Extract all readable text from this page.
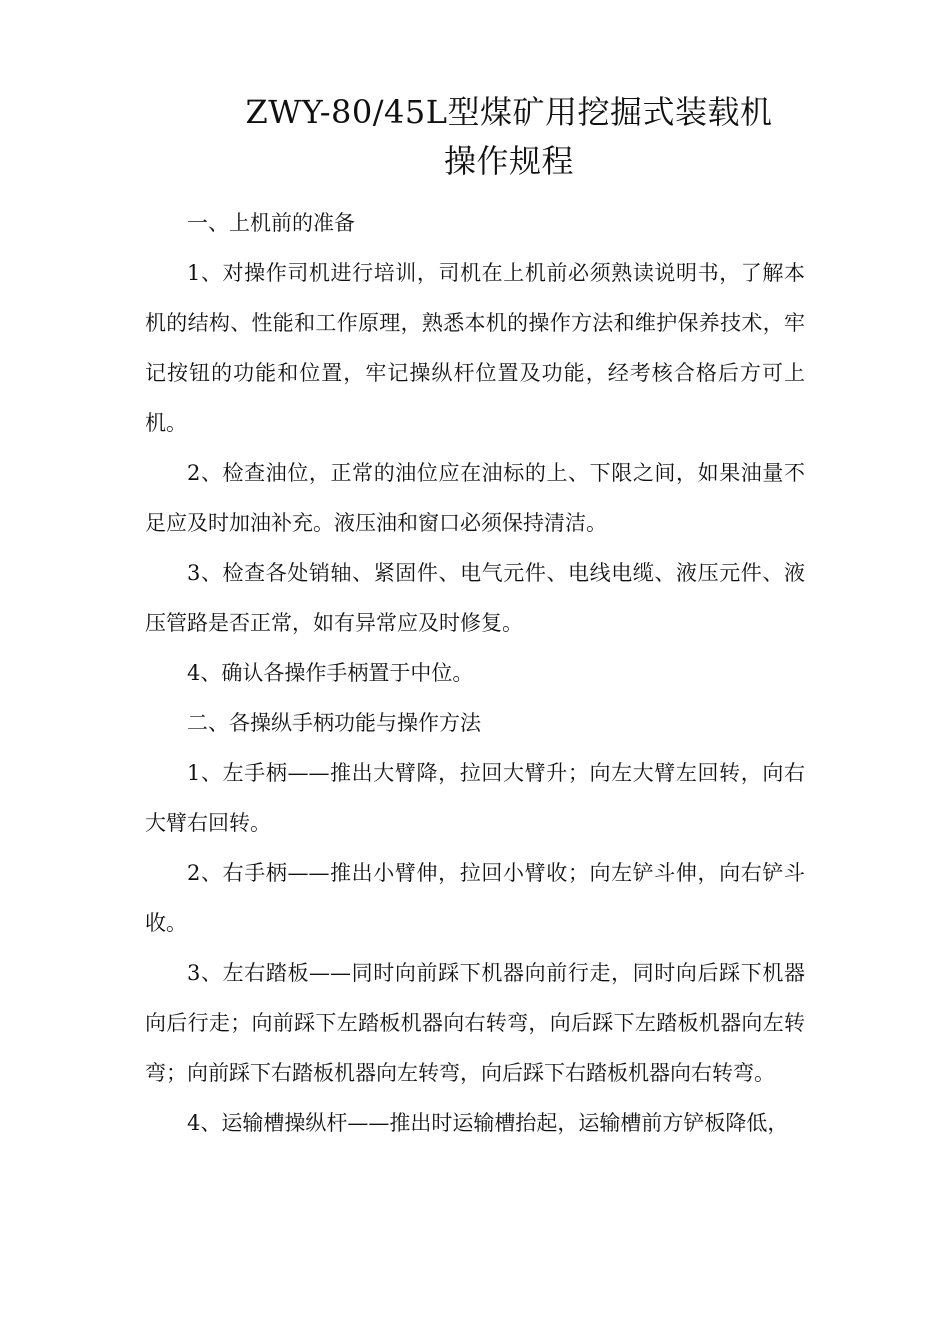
ZWY-80/45L型煤矿用挖掘式装载机
操作规程

一、上机前的准备

1、对操作司机进行培训，司机在上机前必须熟读说明书，了解本机的结构、性能和工作原理，熟悉本机的操作方法和维护保养技术，牢记按钮的功能和位置，牢记操纵杆位置及功能，经考核合格后方可上机。

2、检查油位，正常的油位应在油标的上、下限之间，如果油量不足应及时加油补充。液压油和窗口必须保持清洁。

3、检查各处销轴、紧固件、电气元件、电线电缆、液压元件、液压管路是否正常，如有异常应及时修复。

4、确认各操作手柄置于中位。

二、各操纵手柄功能与操作方法

1、左手柄——推出大臂降，拉回大臂升；向左大臂左回转，向右大臂右回转。

2、右手柄——推出小臂伸，拉回小臂收；向左铲斗伸，向右铲斗收。

3、左右踏板——同时向前踩下机器向前行走，同时向后踩下机器向后行走；向前踩下左踏板机器向右转弯，向后踩下左踏板机器向左转弯；向前踩下右踏板机器向左转弯，向后踩下右踏板机器向右转弯。

4、运输槽操纵杆——推出时运输槽抬起，运输槽前方铲板降低，
